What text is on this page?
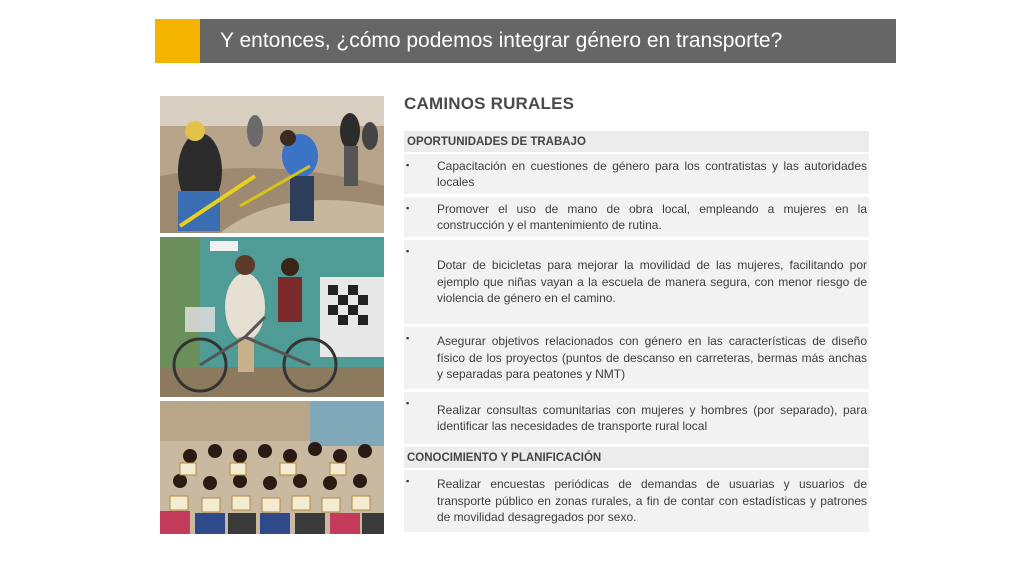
Y entonces, ¿cómo podemos integrar género en transporte?
CAMINOS RURALES
OPORTUNIDADES DE TRABAJO
▪	Capacitación en cuestiones de género para los contratistas y las autoridades locales
▪	Promover el uso de mano de obra local, empleando a mujeres en la construcción y el mantenimiento de rutina.
▪
Dotar de bicicletas para mejorar la movilidad de las mujeres, facilitando por ejemplo que niñas vayan a la escuela de manera segura, con menor riesgo de violencia de género en el camino.
▪	Asegurar objetivos relacionados con género en las características de diseño físico de los proyectos (puntos de descanso en carreteras, bermas más anchas y separadas para peatones y NMT)
▪	Realizar consultas comunitarias con mujeres y hombres (por separado), para identificar las necesidades de transporte rural local
CONOCIMIENTO Y PLANIFICACIÓN
▪	Realizar encuestas periódicas de demandas de usuarias y usuarios de transporte público en zonas rurales, a fin de contar con estadísticas y patrones de movilidad desagregados por sexo.
